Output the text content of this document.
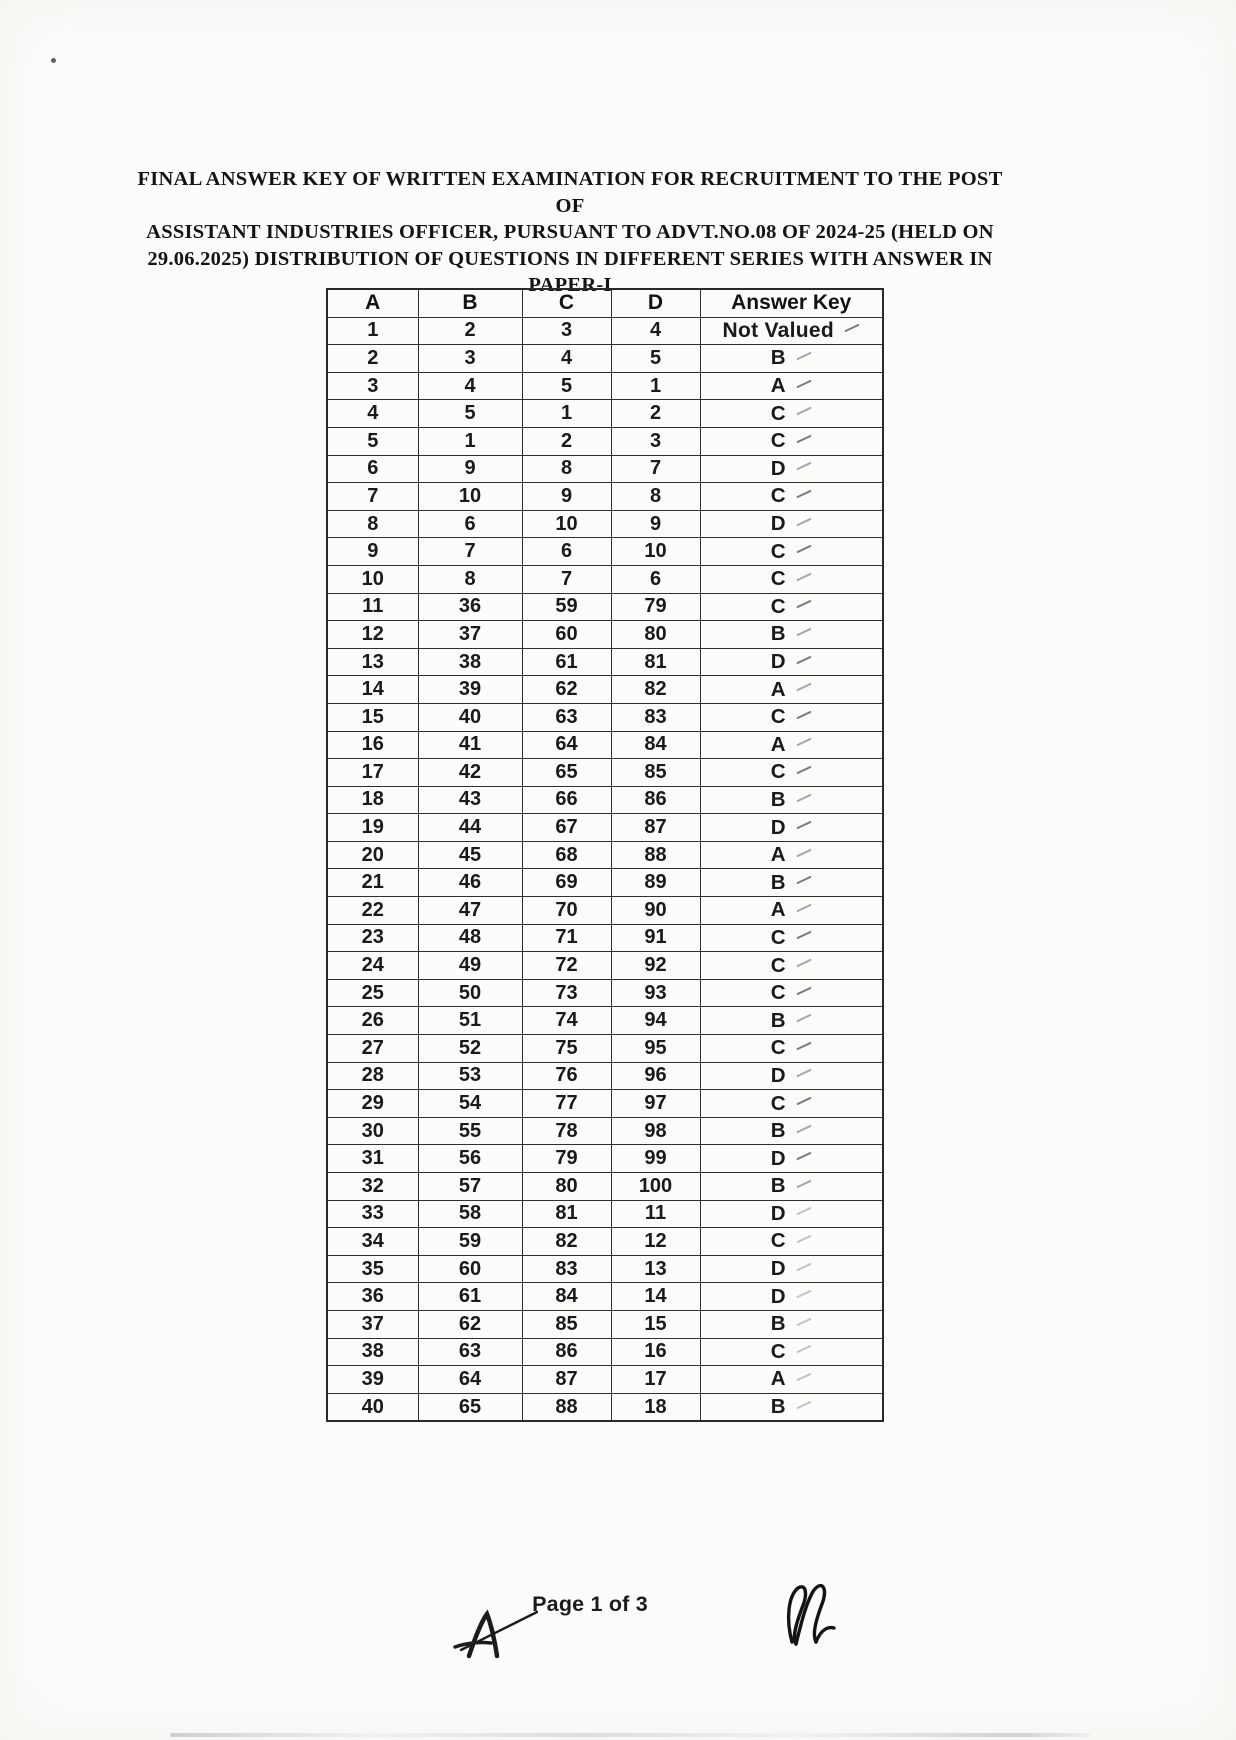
FINAL ANSWER KEY OF WRITTEN EXAMINATION FOR RECRUITMENT TO THE POST OF
ASSISTANT INDUSTRIES OFFICER, PURSUANT TO ADVT.NO.08 OF 2024-25 (HELD ON
29.06.2025) DISTRIBUTION OF QUESTIONS IN DIFFERENT SERIES WITH ANSWER IN
PAPER-I
A	B	C	D	Answer Key
1	2	3	4	Not Valued
2	3	4	5	B
3	4	5	1	A
4	5	1	2	C
5	1	2	3	C
6	9	8	7	D
7	10	9	8	C
8	6	10	9	D
9	7	6	10	C
10	8	7	6	C
11	36	59	79	C
12	37	60	80	B
13	38	61	81	D
14	39	62	82	A
15	40	63	83	C
16	41	64	84	A
17	42	65	85	C
18	43	66	86	B
19	44	67	87	D
20	45	68	88	A
21	46	69	89	B
22	47	70	90	A
23	48	71	91	C
24	49	72	92	C
25	50	73	93	C
26	51	74	94	B
27	52	75	95	C
28	53	76	96	D
29	54	77	97	C
30	55	78	98	B
31	56	79	99	D
32	57	80	100	B
33	58	81	11	D
34	59	82	12	C
35	60	83	13	D
36	61	84	14	D
37	62	85	15	B
38	63	86	16	C
39	64	87	17	A
40	65	88	18	B
Page 1 of 3
